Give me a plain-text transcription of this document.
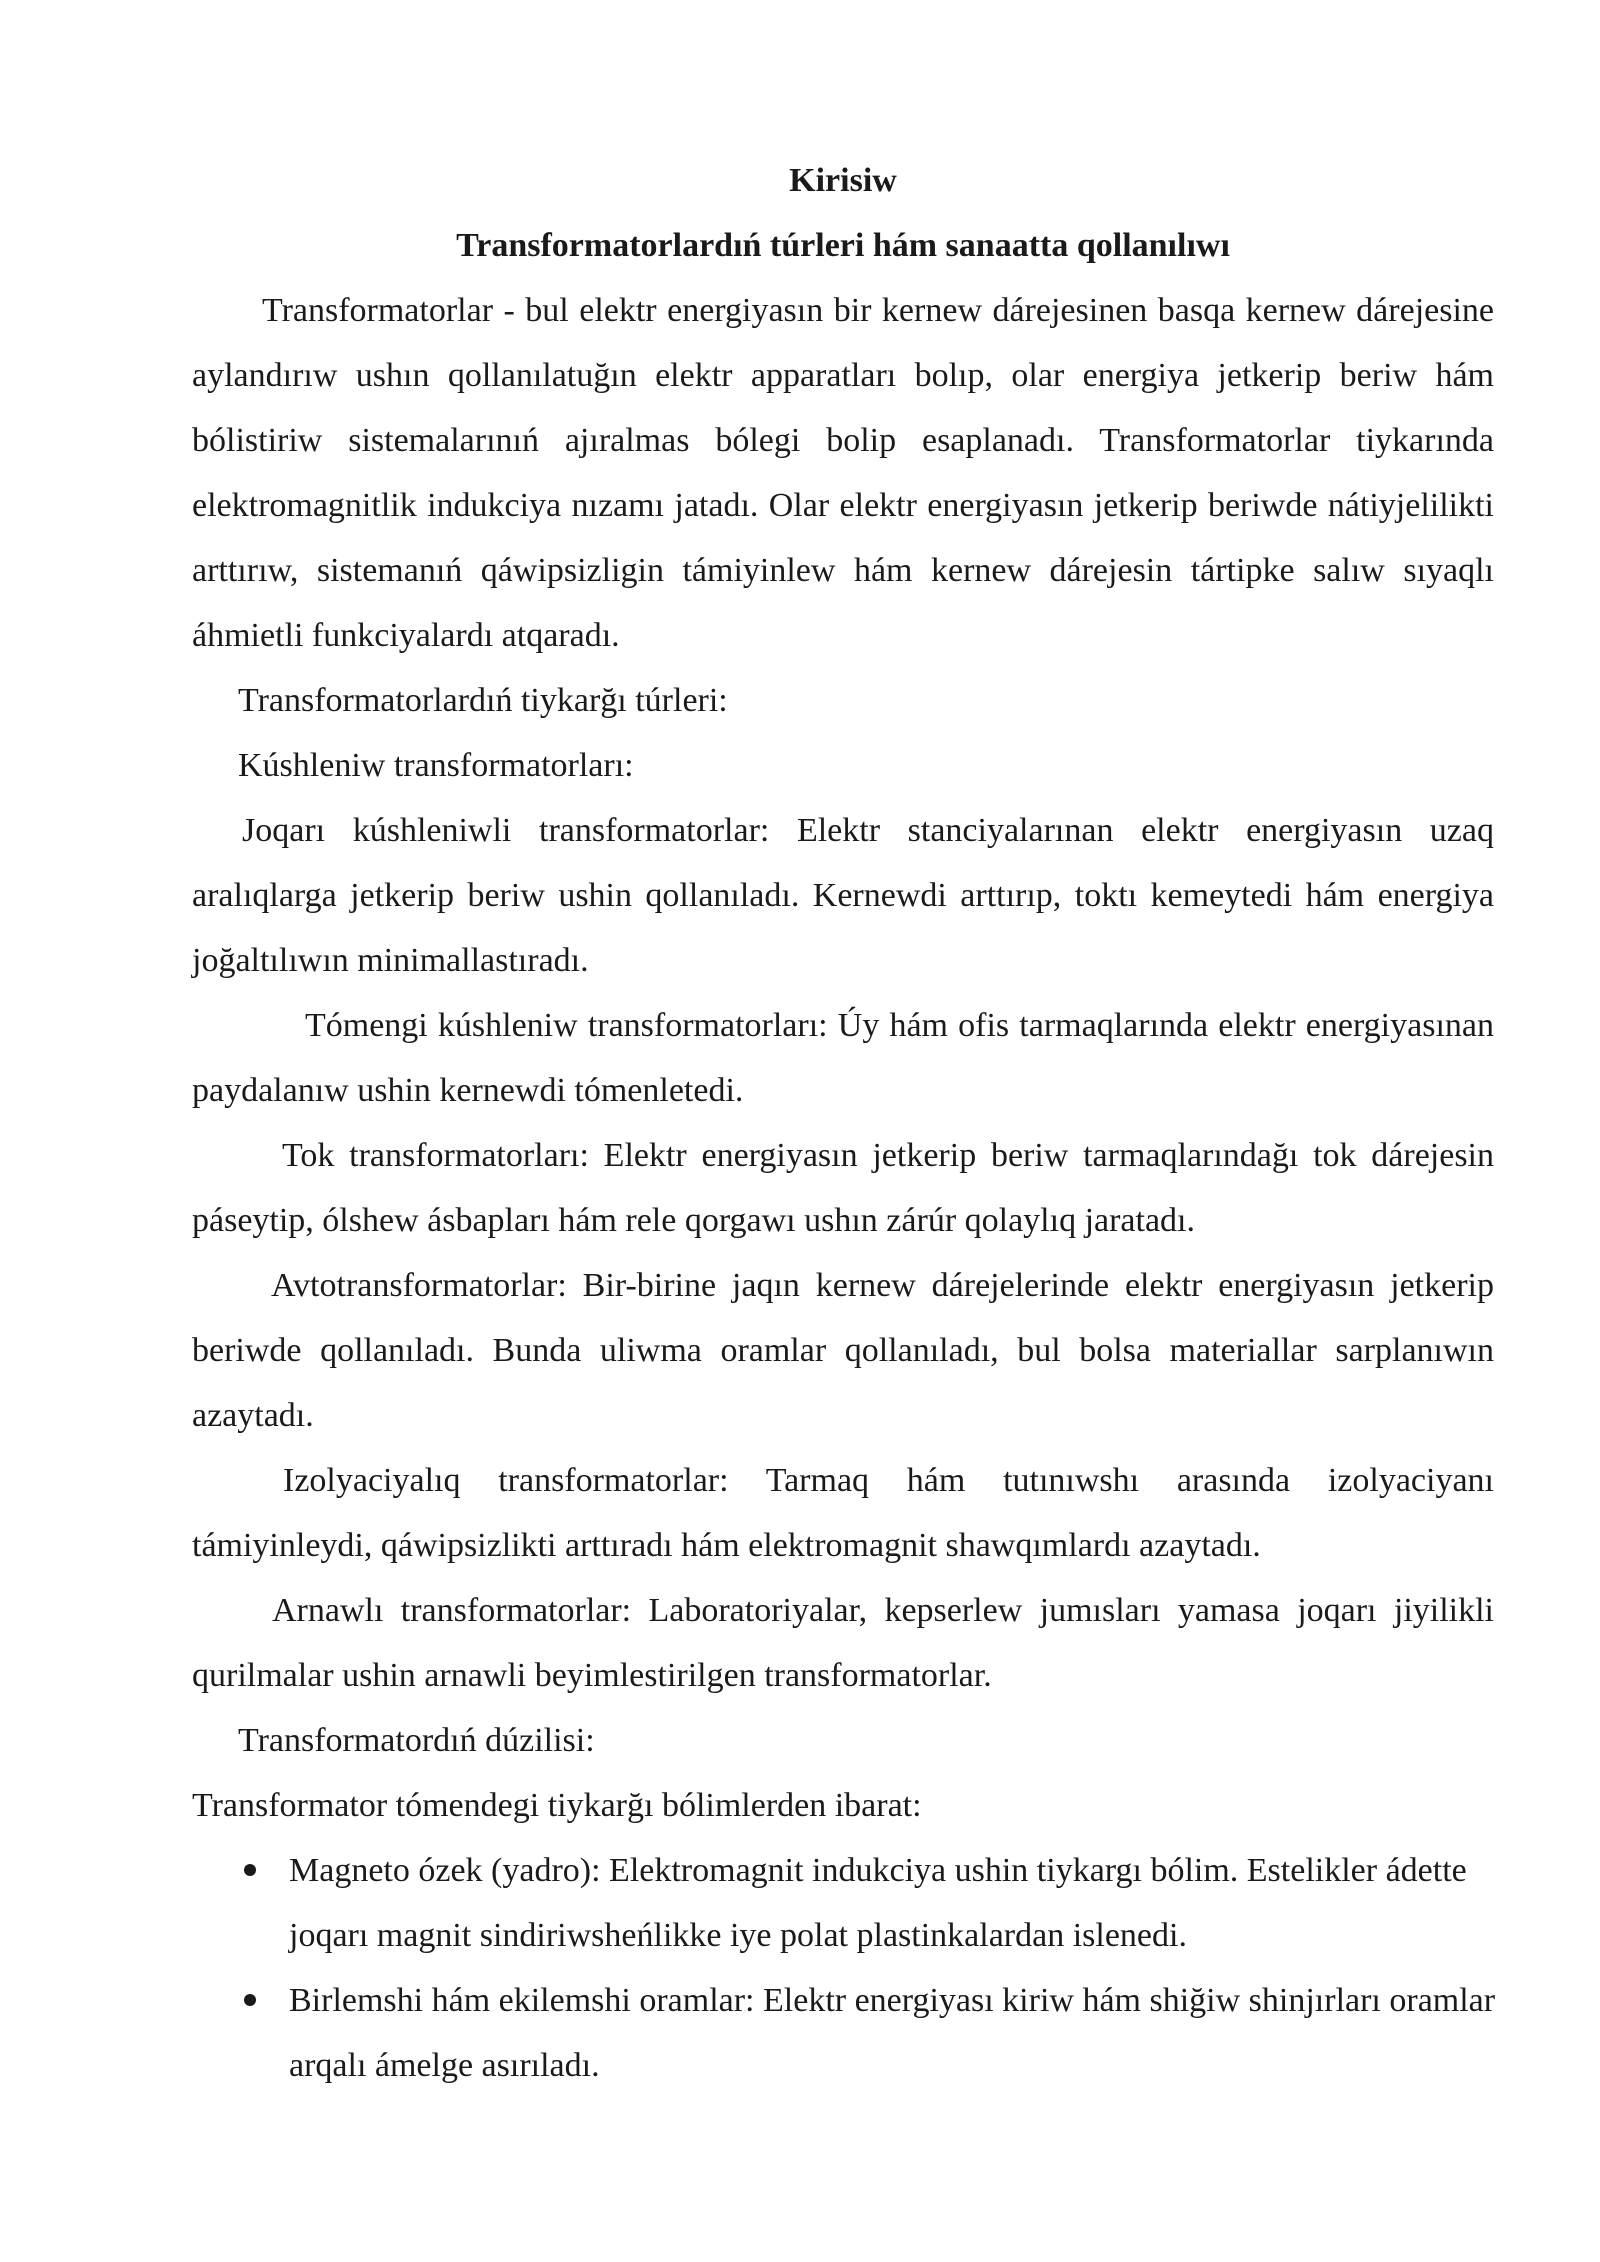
Kirisiw

Transformatorlardıń túrleri hám sanaatta qollanılıwı

Transformatorlar - bul elektr energiyasın bir kernew dárejesinen basqa kernew dárejesine aylandırıw ushın qollanılatuğın elektr apparatları bolıp, olar energiya jetkerip beriw hám bólistiriw sistemalarınıń ajıralmas bólegi bolip esaplanadı. Transformatorlar tiykarında elektromagnitlik indukciya nızamı jatadı. Olar elektr energiyasın jetkerip beriwde nátiyjelilikti arttırıw, sistemanıń qáwipsizligin támiyinlew hám kernew dárejesin tártipke salıw sıyaqlı áhmietli funkciyalardı atqaradı.

Transformatorlardıń tiykarğı túrleri:

Kúshleniw transformatorları:

Joqarı kúshleniwli transformatorlar: Elektr stanciyalarınan elektr energiyasın uzaq aralıqlarga jetkerip beriw ushin qollanıladı. Kernewdi arttırıp, toktı kemeytedi hám energiya joğaltılıwın minimallastıradı.

Tómengi kúshleniw transformatorları: Úy hám ofis tarmaqlarında elektr energiyasınan paydalanıw ushin kernewdi tómenletedi.

Tok transformatorları: Elektr energiyasın jetkerip beriw tarmaqlarındağı tok dárejesin páseytip, ólshew ásbapları hám rele qorgawı ushın zárúr qolaylıq jaratadı.

Avtotransformatorlar: Bir-birine jaqın kernew dárejelerinde elektr energiyasın jetkerip beriwde qollanıladı. Bunda uliwma oramlar qollanıladı, bul bolsa materiallar sarplanıwın azaytadı.

Izolyaciyalıq transformatorlar: Tarmaq hám tutınıwshı arasında izolyaciyanı támiyinleydi, qáwipsizlikti arttıradı hám elektromagnit shawqımlardı azaytadı.

Arnawlı transformatorlar: Laboratoriyalar, kepserlew jumısları yamasa joqarı jiyilikli qurilmalar ushin arnawli beyimlestirilgen transformatorlar.

Transformatordıń dúzilisi:

Transformator tómendegi tiykarğı bólimlerden ibarat:

Magneto ózek (yadro): Elektromagnit indukciya ushin tiykargı bólim. Estelikler ádette joqarı magnit sindiriwsheńlikke iye polat plastinkalardan islenedi.
Birlemshi hám ekilemshi oramlar: Elektr energiyası kiriw hám shiğiw shinjırları oramlar arqalı ámelge asırıladı.
